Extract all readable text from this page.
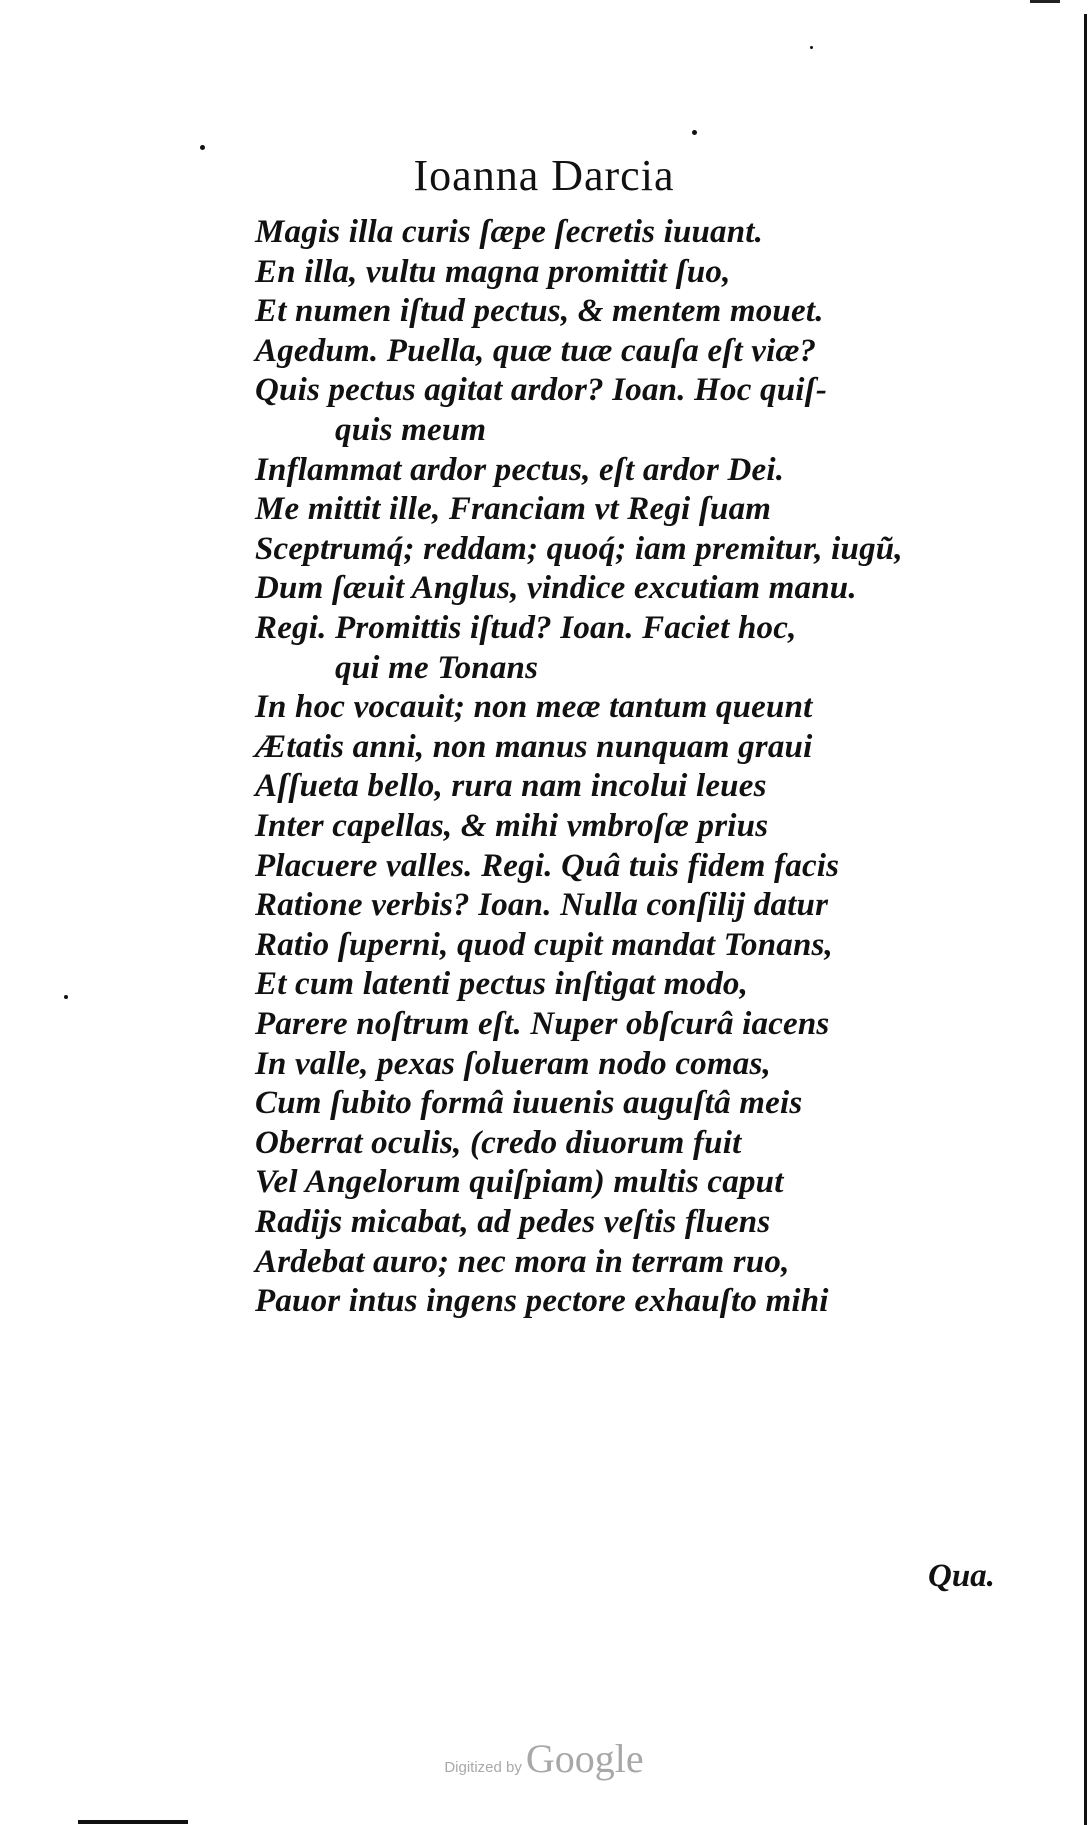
Ioanna Darcia
Magis illa curis ſæpe ſecretis iuuant.
En illa, vultu magna promittit ſuo,
Et numen iſtud pectus, & mentem mouet.
Agedum. Puella, quæ tuæ cauſa eſt viæ?
Quis pectus agitat ardor? Ioan. Hoc quiſ-
quis meum
Inflammat ardor pectus, eſt ardor Dei.
Me mittit ille, Franciam vt Regi ſuam
Sceptrumq́; reddam; quoq́; iam premitur, iugũ,
Dum ſæuit Anglus, vindice excutiam manu.
Regi. Promittis iſtud? Ioan. Faciet hoc,
qui me Tonans
In hoc vocauit; non meæ tantum queunt
Ætatis anni, non manus nunquam graui
Aſſueta bello, rura nam incolui leues
Inter capellas, & mihi vmbroſæ prius
Placuere valles. Regi. Quâ tuis fidem facis
Ratione verbis? Ioan. Nulla conſilij datur
Ratio ſuperni, quod cupit mandat Tonans,
Et cum latenti pectus inſtigat modo,
Parere noſtrum eſt. Nuper obſcurâ iacens
In valle, pexas ſolueram nodo comas,
Cum ſubito formâ iuuenis auguſtâ meis
Oberrat oculis, (credo diuorum fuit
Vel Angelorum quiſpiam) multis caput
Radijs micabat, ad pedes veſtis fluens
Ardebat auro; nec mora in terram ruo,
Pauor intus ingens pectore exhauſto mihi
Qua.
Digitized by Google
